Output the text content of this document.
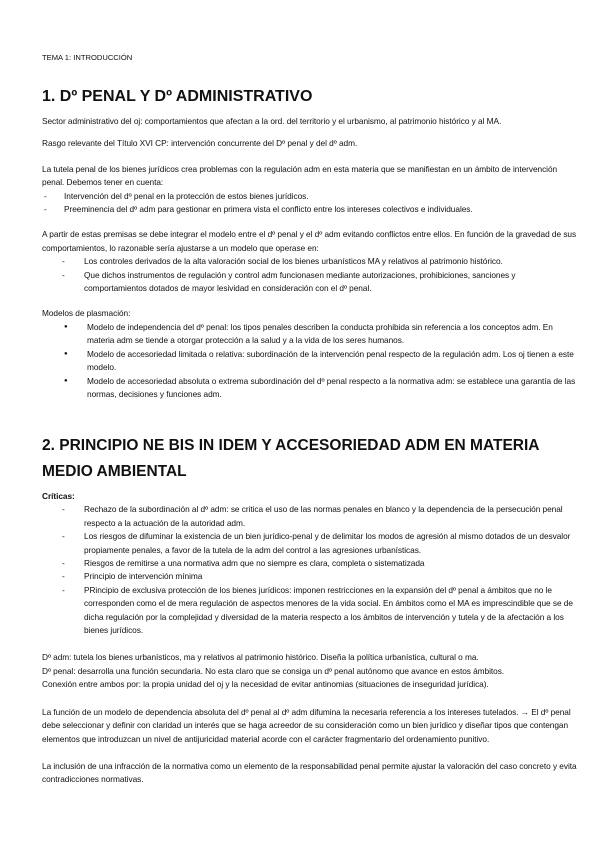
TEMA 1: INTRODUCCIÓN
1. Dº PENAL Y Dº ADMINISTRATIVO

Sector administrativo del oj: comportamientos que afectan a la ord. del territorio y el urbanismo, al patrimonio histórico y al MA.

Rasgo relevante del Título XVI CP: intervención concurrente del Dº penal y del dº adm.

La tutela penal de los bienes jurídicos crea problemas con la regulación adm en esta materia que se manifiestan en un ámbito de intervención penal. Debemos tener en cuenta:

- Intervención del dº penal en la protección de estos bienes jurídicos.
- Preeminencia del dº adm para gestionar en primera vista el conflicto entre los intereses colectivos e individuales.

A partir de estas premisas se debe integrar el modelo entre el dº penal y el dº adm evitando conflictos entre ellos. En función de la gravedad de sus comportamientos, lo razonable sería ajustarse a un modelo que operase en:

- Los controles derivados de la alta valoración social de los bienes urbanísticos MA y relativos al patrimonio histórico.
- Que dichos instrumentos de regulación y control adm funcionasen mediante autorizaciones, prohibiciones, sanciones y comportamientos dotados de mayor lesividad en consideración con el dº penal.

Modelos de plasmación:

● Modelo de independencia del dº penal: los tipos penales describen la conducta prohibida sin referencia a los conceptos adm. En materia adm se tiende a otorgar protección a la salud y a la vida de los seres humanos.
● Modelo de accesoriedad limitada o relativa: subordinación de la intervención penal respecto de la regulación adm. Los oj tienen a este modelo.
● Modelo de accesoriedad absoluta o extrema subordinación del dº penal respecto a la normativa adm: se establece una garantía de las normas, decisiones y funciones adm.
2. PRINCIPIO NE BIS IN IDEM Y ACCESORIEDAD ADM EN MATERIA MEDIO AMBIENTAL

Críticas:

- Rechazo de la subordinación al dº adm: se critica el uso de las normas penales en blanco y la dependencia de la persecución penal respecto a la actuación de la autoridad adm.
- Los riesgos de difuminar la existencia de un bien jurídico-penal y de delimitar los modos de agresión al mismo dotados de un desvalor propiamente penales, a favor de la tutela de la adm del control a las agresiones urbanísticas.
- Riesgos de remitirse a una normativa adm que no siempre es clara, completa o sistematizada
- Principio de intervención mínima
- PRincipio de exclusiva protección de los bienes jurídicos: imponen restricciones en la expansión del dº penal a ámbitos que no le corresponden como el de mera regulación de aspectos menores de la vida social. En ámbitos como el MA es imprescindible que se de dicha regulación por la complejidad y diversidad de la materia respecto a los ámbitos de intervención y tutela y de la afectación a los bienes jurídicos.

Dº adm: tutela los bienes urbanísticos, ma y relativos al patrimonio histórico. Diseña la política urbanística, cultural o ma.

Dº penal: desarrolla una función secundaria. No esta claro que se consiga un dº penal autónomo que avance en estos ámbitos.

Conexión entre ambos por: la propia unidad del oj y la necesidad de evitar antinomias (situaciones de inseguridad jurídica).

La función de un modelo de dependencia absoluta del dº penal al dº adm difumina la necesaria referencia a los intereses tutelados. → El dº penal debe seleccionar y definir con claridad un interés que se haga acreedor de su consideración como un bien jurídico y diseñar tipos que contengan elementos que introduzcan un nivel de antijuricidad material acorde con el carácter fragmentario del ordenamiento punitivo.

La inclusión de una infracción de la normativa como un elemento de la responsabilidad penal permite ajustar la valoración del caso concreto y evita contradicciones normativas.
